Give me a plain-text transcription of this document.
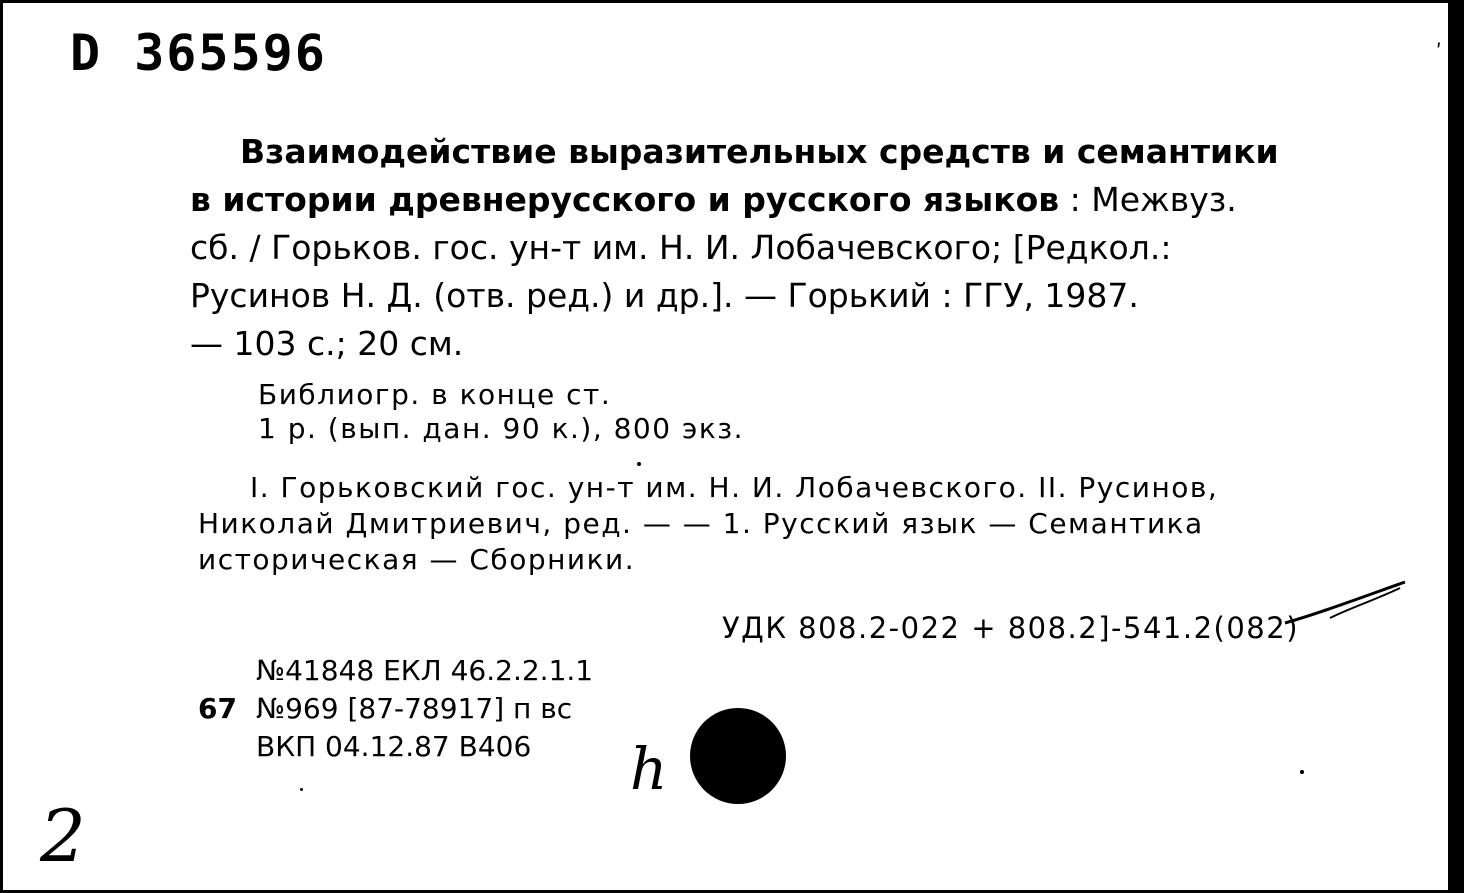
D 365596	ʹ
Взаимодействие выразительных средств и семантики
в истории древнерусского и русского языков : Межвуз.
сб. / Горьков. гос. ун-т им. Н. И. Лобачевского; [Редкол.:
Русинов Н. Д. (отв. ред.) и др.]. — Горький : ГГУ, 1987.
— 103 с.; 20 см.
Библиогр. в конце ст.
1 р. (вып. дан. 90 к.), 800 экз.
I. Горьковский гос. ун-т им. Н. И. Лобачевского. II. Русинов,
Николай Дмитриевич, ред. — — 1. Русский язык — Семантика
историческая — Сборники.
УДК 808.2-022 + 808.2]-541.2(082)
№41848 ЕКЛ 46.2.2.1.1
67 №969 [87-78917] п вс
ВКП 04.12.87 В406	h
2
